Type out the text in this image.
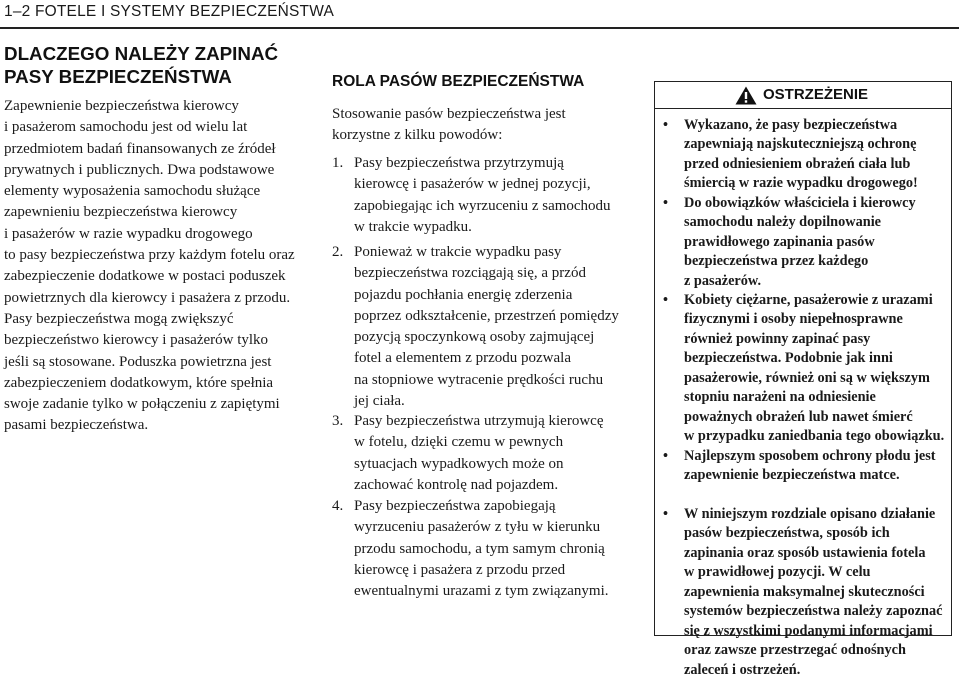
1–2 FOTELE I SYSTEMY BEZPIECZEŃSTWA
DLACZEGO NALEŻY ZAPINAĆ
PASY BEZPIECZEŃSTWA
Zapewnienie bezpieczeństwa kierowcy
i pasażerom samochodu jest od wielu lat
przedmiotem badań finansowanych ze źródeł
prywatnych i publicznych. Dwa podstawowe
elementy wyposażenia samochodu służące
zapewnieniu bezpieczeństwa kierowcy
i pasażerów w razie wypadku drogowego
to pasy bezpieczeństwa przy każdym fotelu oraz
zabezpieczenie dodatkowe w postaci poduszek
powietrznych dla kierowcy i pasażera z przodu.
Pasy bezpieczeństwa mogą zwiększyć
bezpieczeństwo kierowcy i pasażerów tylko
jeśli są stosowane. Poduszka powietrzna jest
zabezpieczeniem dodatkowym, które spełnia
swoje zadanie tylko w połączeniu z zapiętymi
pasami bezpieczeństwa.
ROLA PASÓW BEZPIECZEŃSTWA
Stosowanie pasów bezpieczeństwa jest
korzystne z kilku powodów:
1. Pasy bezpieczeństwa przytrzymują
kierowcę i pasażerów w jednej pozycji,
zapobiegając ich wyrzuceniu z samochodu
w trakcie wypadku.
2. Ponieważ w trakcie wypadku pasy
bezpieczeństwa rozciągają się, a przód
pojazdu pochłania energię zderzenia
poprzez odkształcenie, przestrzeń pomiędzy
pozycją spoczynkową osoby zajmującej
fotel a elementem z przodu pozwala
na stopniowe wytracenie prędkości ruchu
jej ciała.
3. Pasy bezpieczeństwa utrzymują kierowcę
w fotelu, dzięki czemu w pewnych
sytuacjach wypadkowych może on
zachować kontrolę nad pojazdem.
4. Pasy bezpieczeństwa zapobiegają
wyrzuceniu pasażerów z tyłu w kierunku
przodu samochodu, a tym samym chronią
kierowcę i pasażera z przodu przed
ewentualnymi urazami z tym związanymi.
OSTRZEŻENIE
• Wykazano, że pasy bezpieczeństwa
zapewniają najskuteczniejszą ochronę
przed odniesieniem obrażeń ciała lub
śmiercią w razie wypadku drogowego!
• Do obowiązków właściciela i kierowcy
samochodu należy dopilnowanie
prawidłowego zapinania pasów
bezpieczeństwa przez każdego
z pasażerów.
• Kobiety ciężarne, pasażerowie z urazami
fizycznymi i osoby niepełnosprawne
również powinny zapinać pasy
bezpieczeństwa. Podobnie jak inni
pasażerowie, również oni są w większym
stopniu narażeni na odniesienie
poważnych obrażeń lub nawet śmierć
w przypadku zaniedbania tego obowiązku.
• Najlepszym sposobem ochrony płodu jest
zapewnienie bezpieczeństwa matce.
• W niniejszym rozdziale opisano działanie
pasów bezpieczeństwa, sposób ich
zapinania oraz sposób ustawienia fotela
w prawidłowej pozycji. W celu
zapewnienia maksymalnej skuteczności
systemów bezpieczeństwa należy zapoznać
się z wszystkimi podanymi informacjami
oraz zawsze przestrzegać odnośnych
zaleceń i ostrzeżeń.
